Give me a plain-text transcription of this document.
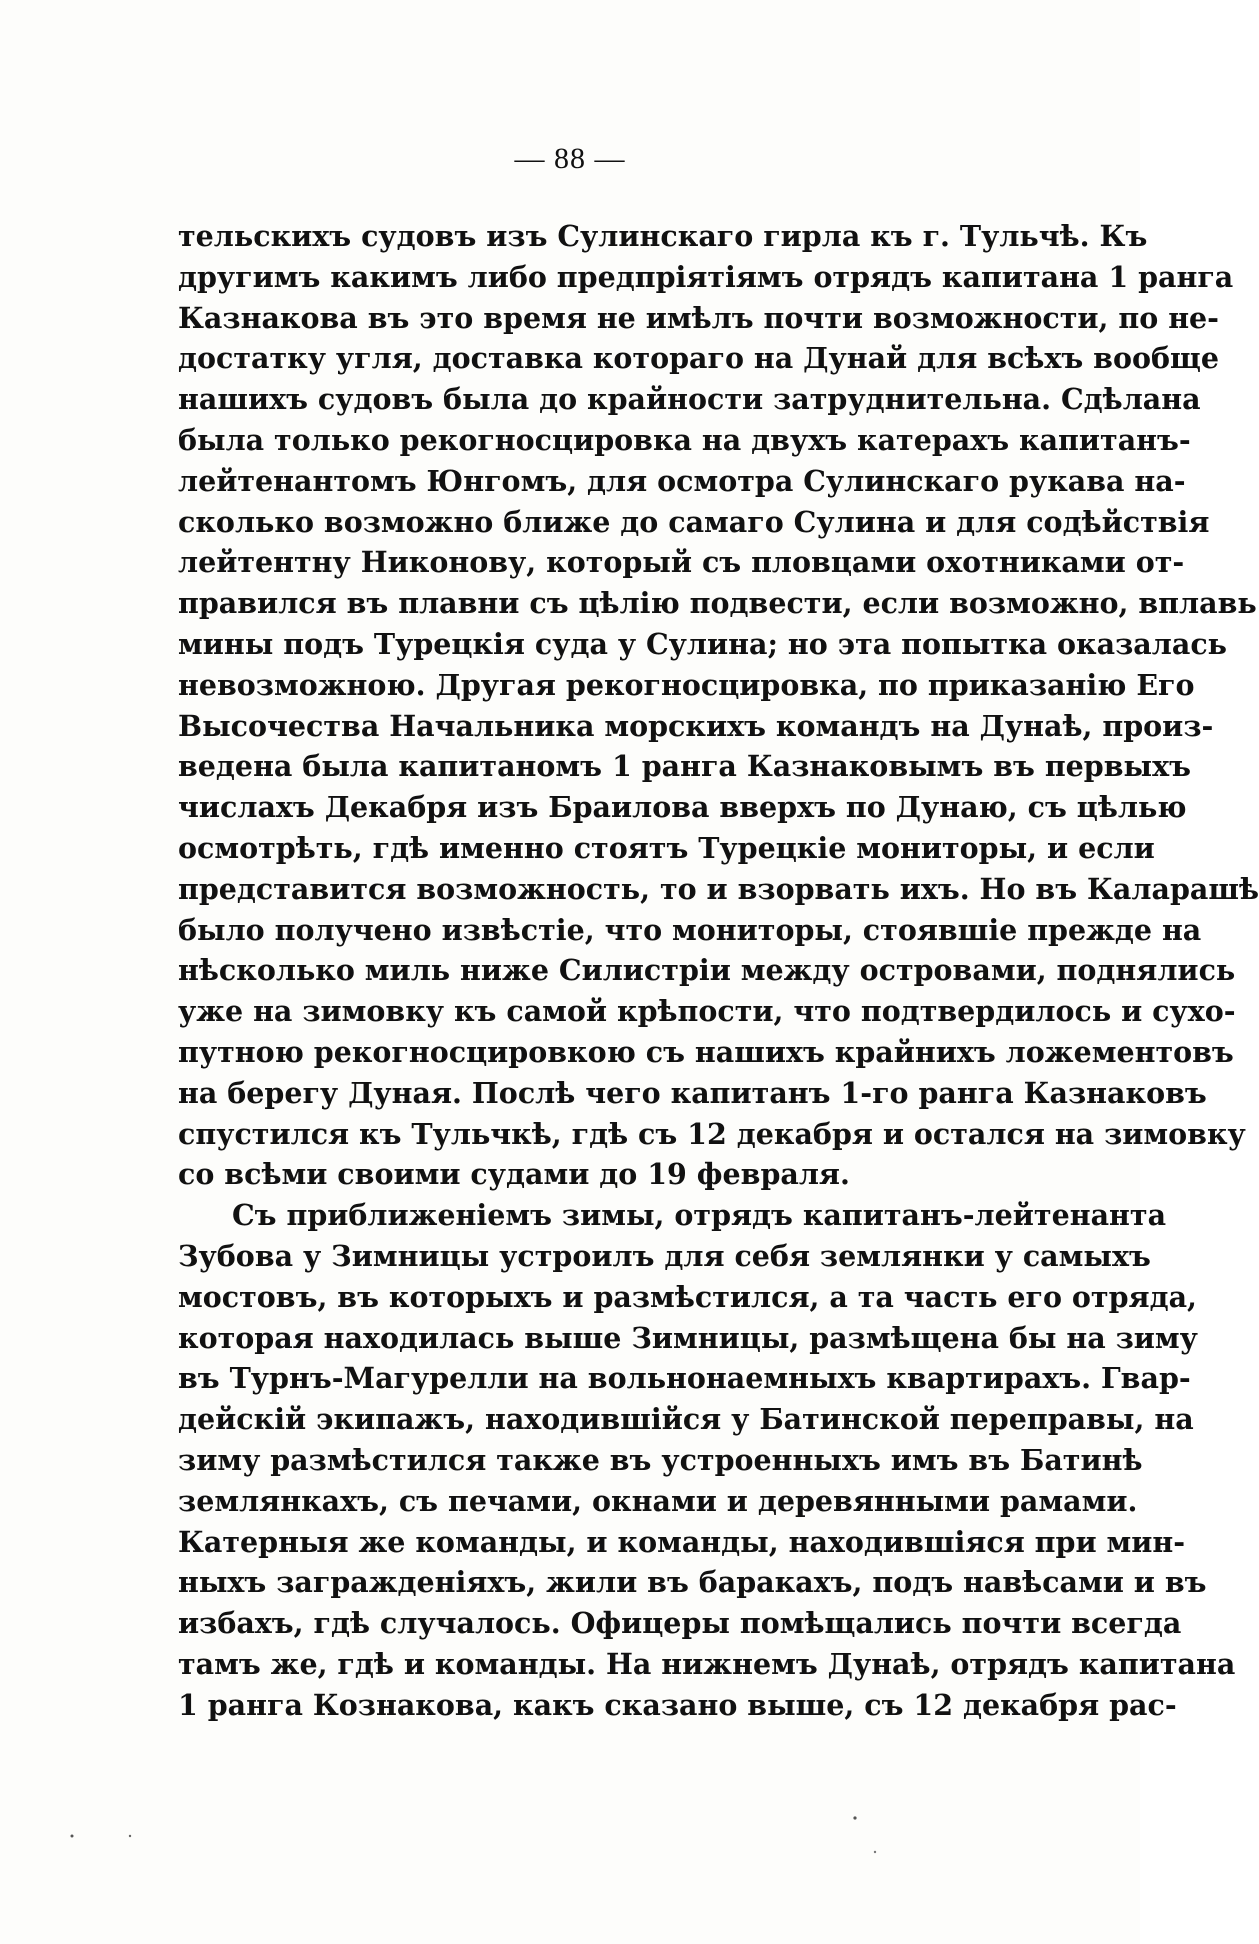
— 88 —
тельскихъ судовъ изъ Сулинскаго гирла къ г. Тульчѣ. Къ
другимъ какимъ либо предпріятіямъ отрядъ капитана 1 ранга
Казнакова въ это время не имѣлъ почти возможности, по не-
достатку угля, доставка котораго на Дунай для всѣхъ вообще
нашихъ судовъ была до крайности затруднительна. Сдѣлана
была только рекогносцировка на двухъ катерахъ капитанъ-
лейтенантомъ Юнгомъ, для осмотра Сулинскаго рукава на-
сколько возможно ближе до самаго Сулина и для содѣйствія
лейтентну Никонову, который съ пловцами охотниками от-
правился въ плавни съ цѣлію подвести, если возможно, вплавь
мины подъ Турецкія суда у Сулина; но эта попытка оказалась
невозможною. Другая рекогносцировка, по приказанію Его
Высочества Начальника морскихъ командъ на Дунаѣ, произ-
ведена была капитаномъ 1 ранга Казнаковымъ въ первыхъ
числахъ Декабря изъ Браилова вверхъ по Дунаю, съ цѣлью
осмотрѣть, гдѣ именно стоятъ Турецкіе мониторы, и если
представится возможность, то и взорвать ихъ. Но въ Каларашѣ
было получено извѣстіе, что мониторы, стоявшіе прежде на
нѣсколько миль ниже Силистріи между островами, поднялись
уже на зимовку къ самой крѣпости, что подтвердилось и сухо-
путною рекогносцировкою съ нашихъ крайнихъ ложементовъ
на берегу Дуная. Послѣ чего капитанъ 1-го ранга Казнаковъ
спустился къ Тульчкѣ, гдѣ съ 12 декабря и остался на зимовку
со всѣми своими судами до 19 февраля.
Съ приближеніемъ зимы, отрядъ капитанъ-лейтенанта
Зубова у Зимницы устроилъ для себя землянки у самыхъ
мостовъ, въ которыхъ и размѣстился, а та часть его отряда,
которая находилась выше Зимницы, размѣщена бы на зиму
въ Турнъ-Магурелли на вольнонаемныхъ квартирахъ. Гвар-
дейскій экипажъ, находившійся у Батинской переправы, на
зиму размѣстился также въ устроенныхъ имъ въ Батинѣ
землянкахъ, съ печами, окнами и деревянными рамами.
Катерныя же команды, и команды, находившіяся при мин-
ныхъ загражденіяхъ, жили въ баракахъ, подъ навѣсами и въ
избахъ, гдѣ случалось. Офицеры помѣщались почти всегда
тамъ же, гдѣ и команды. На нижнемъ Дунаѣ, отрядъ капитана
1 ранга Кознакова, какъ сказано выше, съ 12 декабря рас-
